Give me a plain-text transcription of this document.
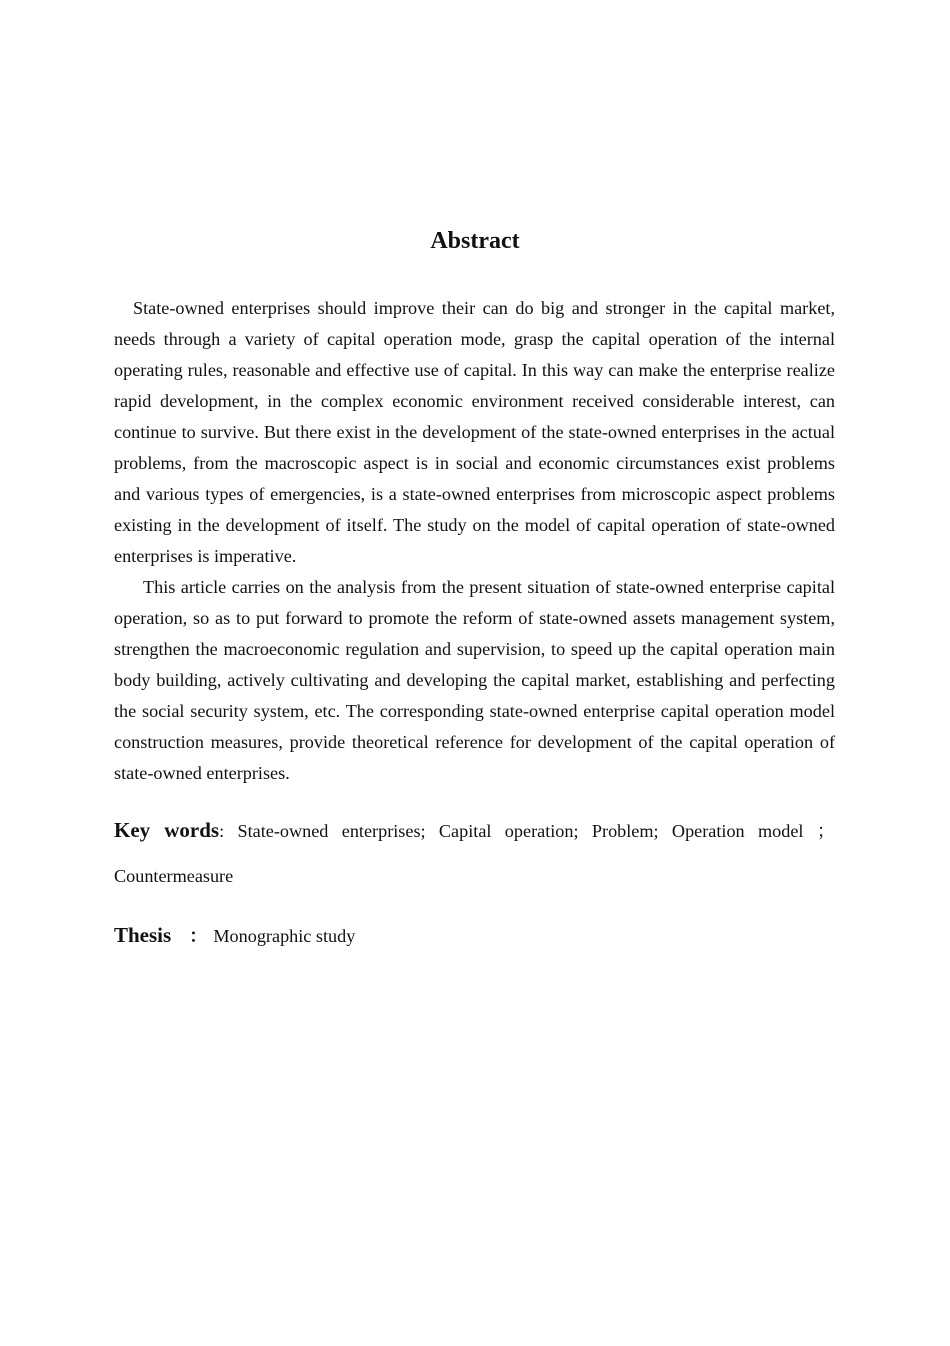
Abstract

State-owned enterprises should improve their can do big and stronger in the capital market, needs through a variety of capital operation mode, grasp the capital operation of the internal operating rules, reasonable and effective use of capital. In this way can make the enterprise realize rapid development, in the complex economic environment received considerable interest, can continue to survive. But there exist in the development of the state-owned enterprises in the actual problems, from the macroscopic aspect is in social and economic circumstances exist problems and various types of emergencies, is a state-owned enterprises from microscopic aspect problems existing in the development of itself. The study on the model of capital operation of state-owned enterprises is imperative.

This article carries on the analysis from the present situation of state-owned enterprise capital operation, so as to put forward to promote the reform of state-owned assets management system, strengthen the macroeconomic regulation and supervision, to speed up the capital operation main body building, actively cultivating and developing the capital market, establishing and perfecting the social security system, etc. The corresponding state-owned enterprise capital operation model construction measures, provide theoretical reference for development of the capital operation of state-owned enterprises.

Key words: State-owned enterprises; Capital operation; Problem; Operation model ； Countermeasure
Thesis ： Monographic study
